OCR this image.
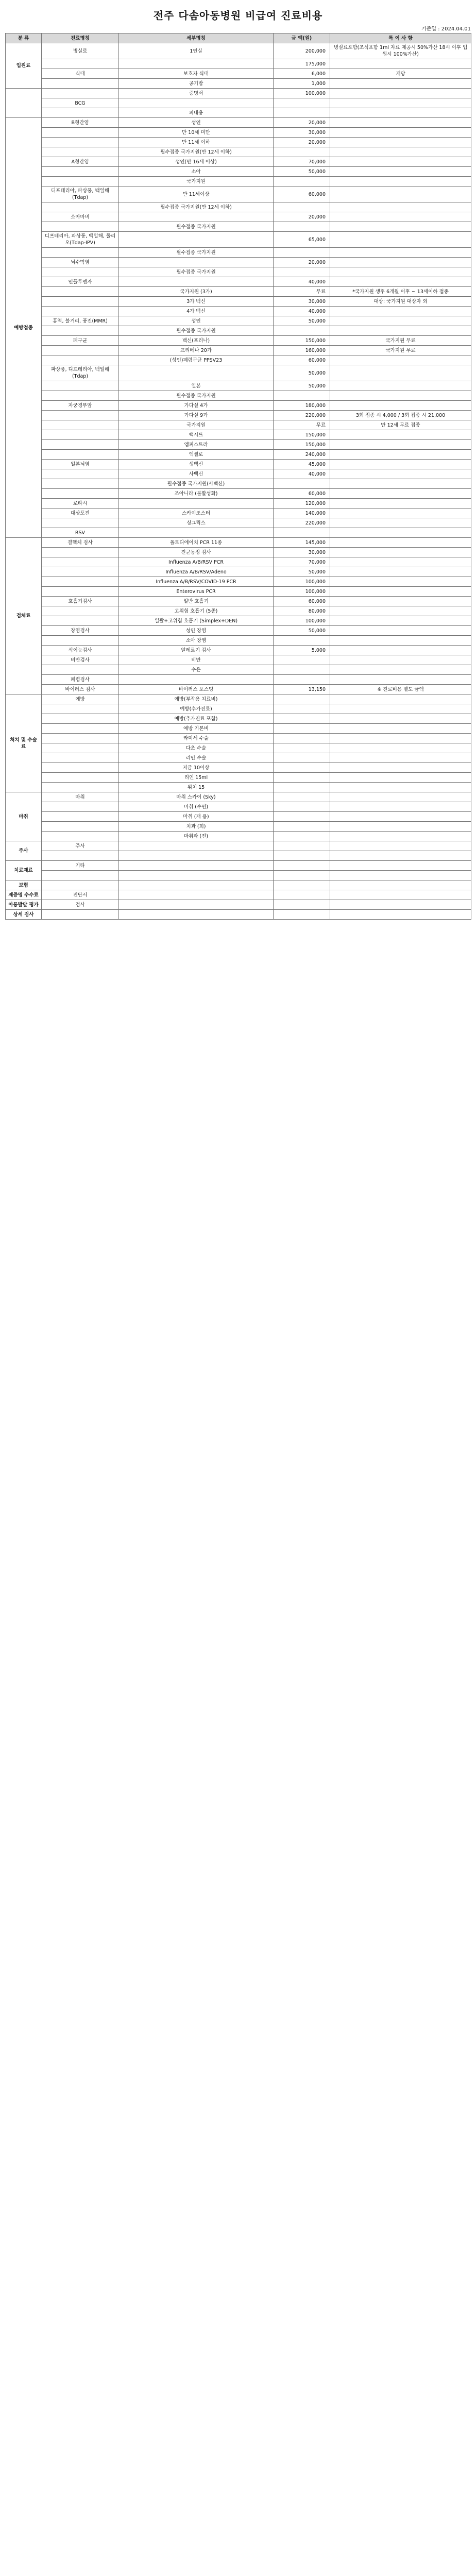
전주 다솜아동병원 비급여 진료비용
기준일 : 2024.04.01
분 류	진료명칭	세부명칭	금 액(원)	특 이 사 항
입원료	병실료	1인실	200,000	병실료포함(조식포함 1ml 자료 제공시 50%가산 18시 이후 입원시 100%가산)
			175,000	
	식대	보호자 식대	6,000	개당
		공기밥	1,000	
		증명서	100,000	
	BCG			
		피내용		
예방접종	B형간염	성인	20,000	
		만 10세 미만	30,000	
		만 11세 이하	20,000	
		필수접종 국가지원(만 12세 이하)		
	A형간염	성인(만 16세 이상)	70,000	
		소아	50,000	
		국가지원		
	디프테리아, 파상풍, 백일해 (Tdap)	만 11세이상	60,000	
		필수접종 국가지원(만 12세 이하)		
	소아마비		20,000	
		필수접종 국가지원		
	디프테리아, 파상풍, 백일해, 폴리오(Tdap-IPV)		65,000	
		필수접종 국가지원		
	뇌수막염		20,000	
		필수접종 국가지원		
	인플루엔자		40,000	
		국가지원 (3가)	무료	*국가지원 생후 6개월 이후 ~ 13세이하 접종
		3가 백신	30,000	대상: 국가지원 대상자 외
		4가 백신	40,000	
	홍역, 볼거리, 풍진(MMR)	성인	50,000	
		필수접종 국가지원		
	폐구균	백신(프리나)	150,000	국가지원 무료
		프리베나 20가	160,000	국가지원 무료
		(성인)폐렴구균 PPSV23	60,000	
	파상풍, 디프테리아, 백일해 (Tdap)		50,000	
		일본	50,000	
		필수접종 국가지원		
	자궁경부암	가다실 4가	180,000	
		가다실 9가	220,000	3회 접종 시 4,000 / 3회 접종 시 21,000
		국가지원	무료	만 12세 무료 접종
		백시트	150,000	
		엠피스트라	150,000	
		엑셀로	240,000	
	일본뇌염	생백신	45,000	
		사백신	40,000	
		필수접종 국가지원(사백신)		
		조아니라 (불활성화)	60,000	
	로타시		120,000	
	대상포진	스카이조스터	140,000	
		싱그릭스	220,000	
	RSV			
검체료	결핵체 검사	폴트디에이치 PCR 11종	145,000	
		진균동정 검사	30,000	
		Influenza A/B/RSV PCR	70,000	
		Influenza A/B/RSV/Adeno	50,000	
		Influenza A/B/RSV/COVID-19 PCR	100,000	
		Enterovirus PCR	100,000	
	호흡기검사	일반 호흡기	60,000	
		고위험 호흡기 (5종)	80,000	
		일괄+고위험 호흡기 (Simplex+DEN)	100,000	
	장염검사	성인 장염	50,000	
		소아 장염		
	식이능검사	알레르기 검사	5,000	
	비만검사	비만		
		수은		
	폐렴검사			
	바이러스 검사	바이러스 포스팅	13,150	※ 진료비용 별도 금액
처치 및 수술료	예방	예방(부작용 치료비)		
		예방(추가진료)		
		예방(추가진료 포함)		
		예방 기본비		
		라미세 수술		
		다초 수술		
		리인 수술		
		지금 10이상		
		리인 15ml		
		위치 15		
마취	마취	마취 스카이 (Sky)		
		마취 (수면)		
		마취 (재 용)		
		치과 (회)		
		마취과 (전)		
주사	주사			

치료재료	기타			

보험				
제증명 수수료	진단서			
아동발달 평가	검사			
상세 검사				
